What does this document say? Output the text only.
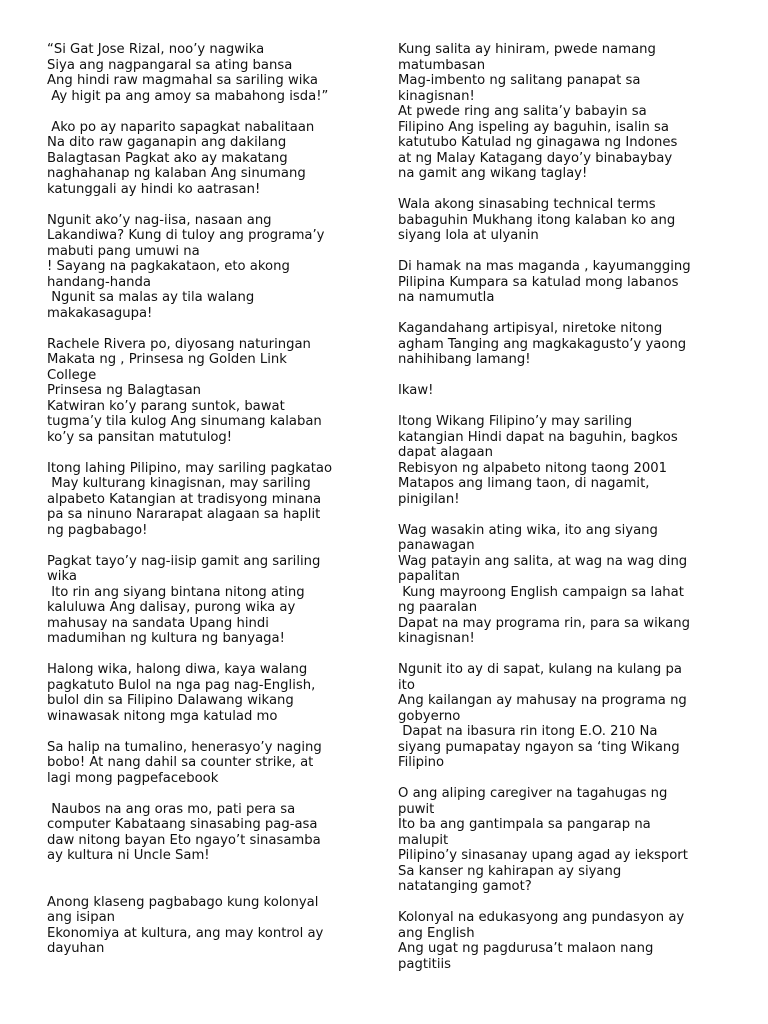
“Si Gat Jose Rizal, noo’y nagwika
Siya ang nagpangaral sa ating bansa
Ang hindi raw magmahal sa sariling wika
Ay higit pa ang amoy sa mabahong isda!”
Ako po ay naparito sapagkat nabalitaan
Na dito raw gaganapin ang dakilang
Balagtasan Pagkat ako ay makatang
naghahanap ng kalaban Ang sinumang
katunggali ay hindi ko aatrasan!
Ngunit ako’y nag-iisa, nasaan ang
Lakandiwa? Kung di tuloy ang programa’y
mabuti pang umuwi na
! Sayang na pagkakataon, eto akong
handang-handa
Ngunit sa malas ay tila walang
makakasagupa!
Rachele Rivera po, diyosang naturingan
Makata ng , Prinsesa ng Golden Link
College
Prinsesa ng Balagtasan
Katwiran ko’y parang suntok, bawat
tugma’y tila kulog Ang sinumang kalaban
ko’y sa pansitan matutulog!
Itong lahing Pilipino, may sariling pagkatao
May kulturang kinagisnan, may sariling
alpabeto Katangian at tradisyong minana
pa sa ninuno Nararapat alagaan sa haplit
ng pagbabago!
Pagkat tayo’y nag-iisip gamit ang sariling
wika
Ito rin ang siyang bintana nitong ating
kaluluwa Ang dalisay, purong wika ay
mahusay na sandata Upang hindi
madumihan ng kultura ng banyaga!
Halong wika, halong diwa, kaya walang
pagkatuto Bulol na nga pag nag-English,
bulol din sa Filipino Dalawang wikang
winawasak nitong mga katulad mo
Sa halip na tumalino, henerasyo’y naging
bobo! At nang dahil sa counter strike, at
lagi mong pagpefacebook
Naubos na ang oras mo, pati pera sa
computer Kabataang sinasabing pag-asa
daw nitong bayan Eto ngayo’t sinasamba
ay kultura ni Uncle Sam!
Anong klaseng pagbabago kung kolonyal
ang isipan
Ekonomiya at kultura, ang may kontrol ay
dayuhan
Kung salita ay hiniram, pwede namang
matumbasan
Mag-imbento ng salitang panapat sa
kinagisnan!
At pwede ring ang salita’y babayin sa
Filipino Ang ispeling ay baguhin, isalin sa
katutubo Katulad ng ginagawa ng Indones
at ng Malay Katagang dayo’y binabaybay
na gamit ang wikang taglay!
Wala akong sinasabing technical terms
babaguhin Mukhang itong kalaban ko ang
siyang lola at ulyanin
Di hamak na mas maganda , kayumangging
Pilipina Kumpara sa katulad mong labanos
na namumutla
Kagandahang artipisyal, niretoke nitong
agham Tanging ang magkakagusto’y yaong
nahihibang lamang!
Ikaw!
Itong Wikang Filipino’y may sariling
katangian Hindi dapat na baguhin, bagkos
dapat alagaan
Rebisyon ng alpabeto nitong taong 2001
Matapos ang limang taon, di nagamit,
pinigilan!
Wag wasakin ating wika, ito ang siyang
panawagan
Wag patayin ang salita, at wag na wag ding
papalitan
Kung mayroong English campaign sa lahat
ng paaralan
Dapat na may programa rin, para sa wikang
kinagisnan!
Ngunit ito ay di sapat, kulang na kulang pa
ito
Ang kailangan ay mahusay na programa ng
gobyerno
Dapat na ibasura rin itong E.O. 210 Na
siyang pumapatay ngayon sa ‘ting Wikang
Filipino
O ang aliping caregiver na tagahugas ng
puwit
Ito ba ang gantimpala sa pangarap na
malupit
Pilipino’y sinasanay upang agad ay ieksport
Sa kanser ng kahirapan ay siyang
natatanging gamot?
Kolonyal na edukasyong ang pundasyon ay
ang English
Ang ugat ng pagdurusa’t malaon nang
pagtitiis
